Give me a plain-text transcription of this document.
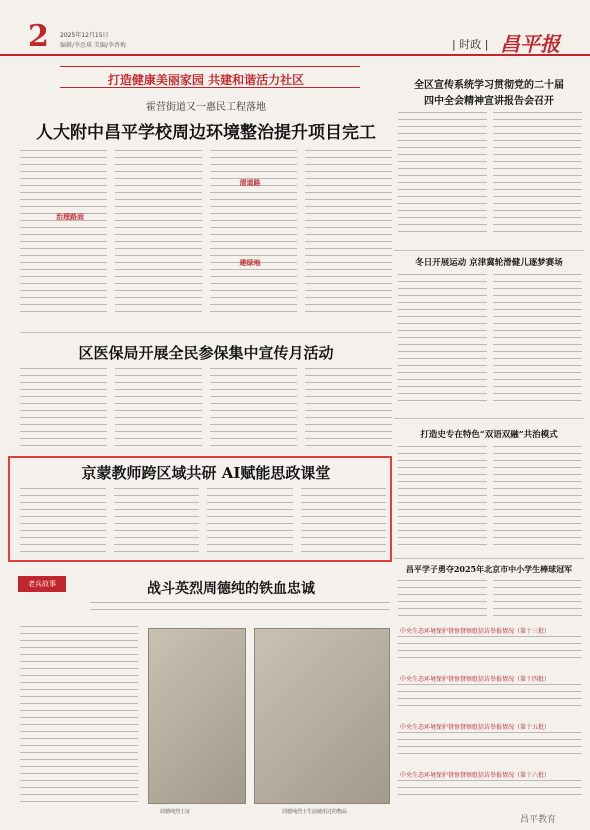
2 2025年12月15日
编辑/李思琪 美编/李香梅	| 时政 | 昌平报
打造健康美丽家园 共建和谐活力社区
霍营街道又一惠民工程落地
人大附中昌平学校周边环境整治提升项目完工
治理路面
清道路
建绿地
区医保局开展全民参保集中宣传月活动
京蒙教师跨区域共研 AI赋能思政课堂
老兵故事	战斗英烈周德纯的铁血忠诚
周德纯烈士证	周德纯烈士生前使用过的物品
全区宣传系统学习贯彻党的二十届
四中全会精神宣讲报告会召开
冬日开展运动 京津冀轮滑健儿逐梦赛场
打造史专在特色“双语双融”共治模式
昌平学子勇夺2025年北京市中小学生棒球冠军
中央生态环境保护督察督察组信访举报情况（第十三批）
中央生态环境保护督察督察组信访举报情况（第十四批）
中央生态环境保护督察督察组信访举报情况（第十五批）
中央生态环境保护督察督察组信访举报情况（第十六批）
昌平教育
